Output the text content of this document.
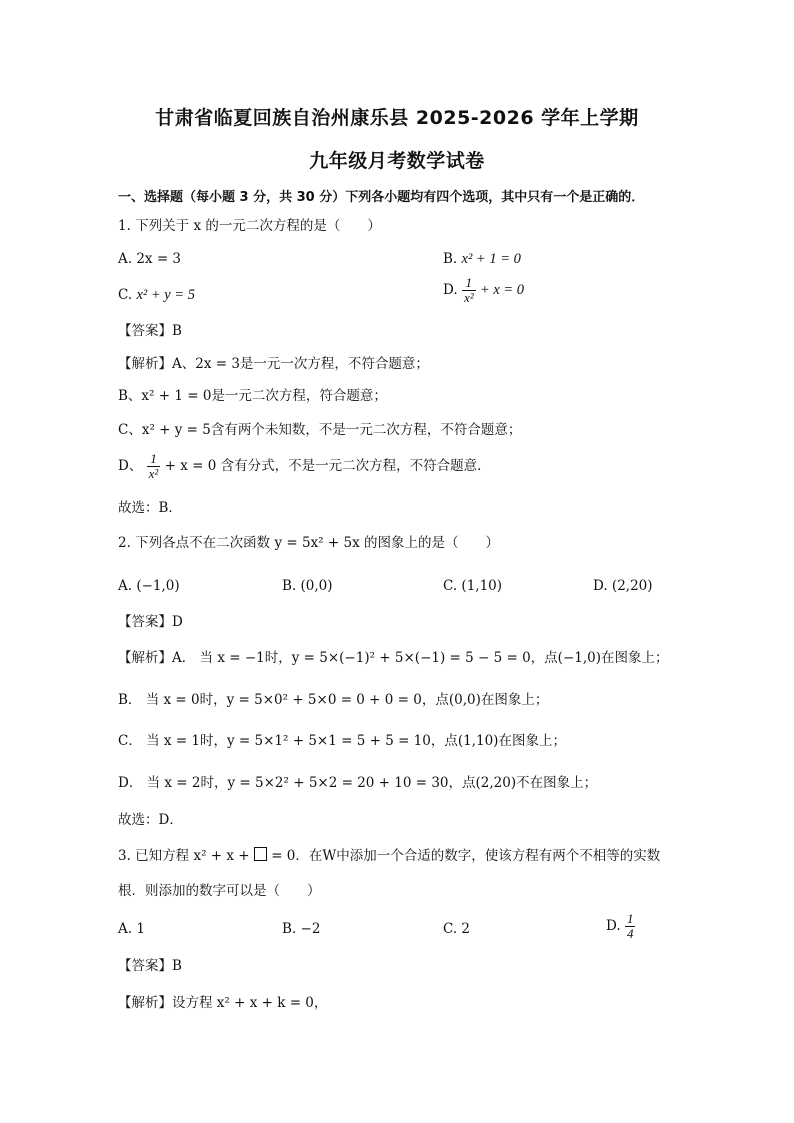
甘肃省临夏回族自治州康乐县 2025-2026 学年上学期
九年级月考数学试卷
一、选择题（每小题 3 分，共 30 分）下列各小题均有四个选项，其中只有一个是正确的．
1. 下列关于 x 的一元二次方程的是（　　）
A. 2x = 3	B. x² + 1 = 0
C. x² + y = 5	D. $\frac{1}{\text{x²}} + x = 0$
【答案】B
【解析】A、2x = 3是一元一次方程，不符合题意；
B、x² + 1 = 0是一元二次方程，符合题意；
C、x² + y = 5含有两个未知数，不是一元二次方程，不符合题意；
D、 $\frac{1}{\text{x²}} + x = 0$ 含有分式，不是一元二次方程，不符合题意．
故选：B．
2. 下列各点不在二次函数 y = 5x² + 5x 的图象上的是（　　）
A. (−1,0)	B. (0,0)	C. (1,10)	D. (2,20)
【答案】D
【解析】A． 当 x = −1时，y = 5×(−1)² + 5×(−1) = 5 − 5 = 0，点(−1,0)在图象上；
B． 当 x = 0时，y = 5×0² + 5×0 = 0 + 0 = 0，点(0,0)在图象上；
C． 当 x = 1时，y = 5×1² + 5×1 = 5 + 5 = 10，点(1,10)在图象上；
D． 当 x = 2时，y = 5×2² + 5×2 = 20 + 10 = 30，点(2,20)不在图象上；
故选：D．
3. 已知方程 x² + x + = 0．在W中添加一个合适的数字，使该方程有两个不相等的实数
根．则添加的数字可以是（　　）
A. 1	B. −2	C. 2	D. $\frac{1}{4}$
【答案】B
【解析】设方程 x² + x + k = 0，
